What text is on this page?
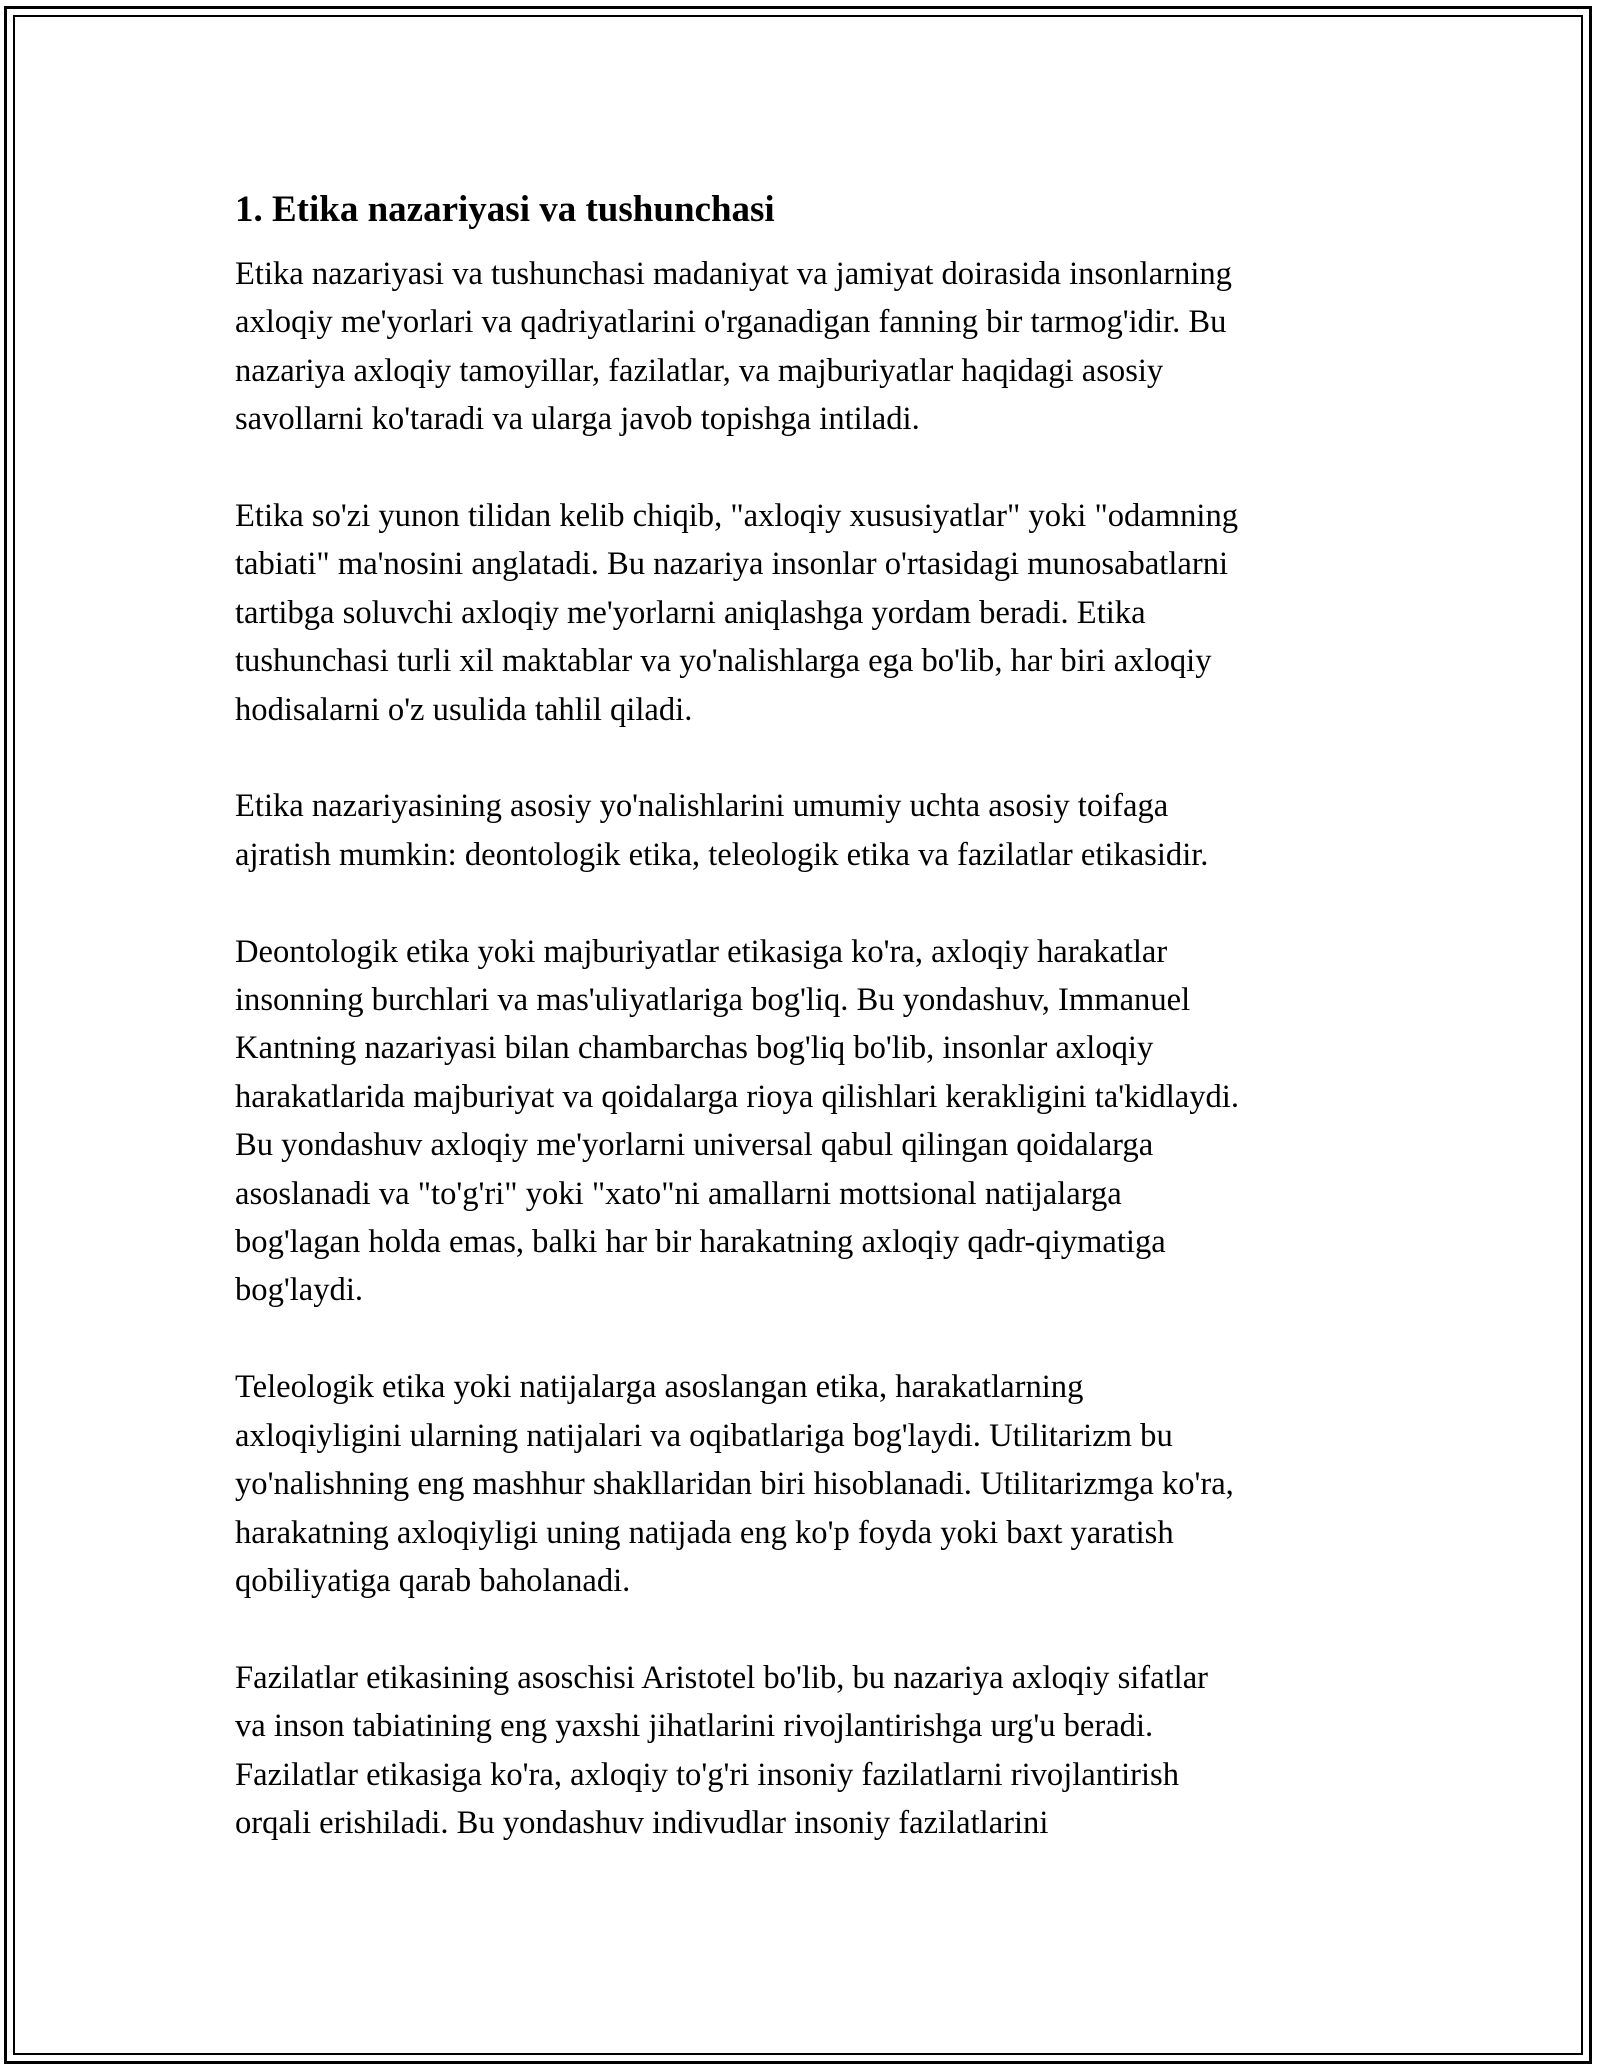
1. Etika nazariyasi va tushunchasi

Etika nazariyasi va tushunchasi madaniyat va jamiyat doirasida insonlarning
axloqiy me'yorlari va qadriyatlarini o'rganadigan fanning bir tarmog'idir. Bu
nazariya axloqiy tamoyillar, fazilatlar, va majburiyatlar haqidagi asosiy
savollarni ko'taradi va ularga javob topishga intiladi.

Etika so'zi yunon tilidan kelib chiqib, "axloqiy xususiyatlar" yoki "odamning
tabiati" ma'nosini anglatadi. Bu nazariya insonlar o'rtasidagi munosabatlarni
tartibga soluvchi axloqiy me'yorlarni aniqlashga yordam beradi. Etika
tushunchasi turli xil maktablar va yo'nalishlarga ega bo'lib, har biri axloqiy
hodisalarni o'z usulida tahlil qiladi.

Etika nazariyasining asosiy yo'nalishlarini umumiy uchta asosiy toifaga
ajratish mumkin: deontologik etika, teleologik etika va fazilatlar etikasidir.

Deontologik etika yoki majburiyatlar etikasiga ko'ra, axloqiy harakatlar
insonning burchlari va mas'uliyatlariga bog'liq. Bu yondashuv, Immanuel
Kantning nazariyasi bilan chambarchas bog'liq bo'lib, insonlar axloqiy
harakatlarida majburiyat va qoidalarga rioya qilishlari kerakligini ta'kidlaydi.
Bu yondashuv axloqiy me'yorlarni universal qabul qilingan qoidalarga
asoslanadi va "to'g'ri" yoki "xato"ni amallarni mottsional natijalarga
bog'lagan holda emas, balki har bir harakatning axloqiy qadr-qiymatiga
bog'laydi.

Teleologik etika yoki natijalarga asoslangan etika, harakatlarning
axloqiyligini ularning natijalari va oqibatlariga bog'laydi. Utilitarizm bu
yo'nalishning eng mashhur shakllaridan biri hisoblanadi. Utilitarizmga ko'ra,
harakatning axloqiyligi uning natijada eng ko'p foyda yoki baxt yaratish
qobiliyatiga qarab baholanadi.

Fazilatlar etikasining asoschisi Aristotel bo'lib, bu nazariya axloqiy sifatlar
va inson tabiatining eng yaxshi jihatlarini rivojlantirishga urg'u beradi.
Fazilatlar etikasiga ko'ra, axloqiy to'g'ri insoniy fazilatlarni rivojlantirish
orqali erishiladi. Bu yondashuv indivudlar insoniy fazilatlarini
